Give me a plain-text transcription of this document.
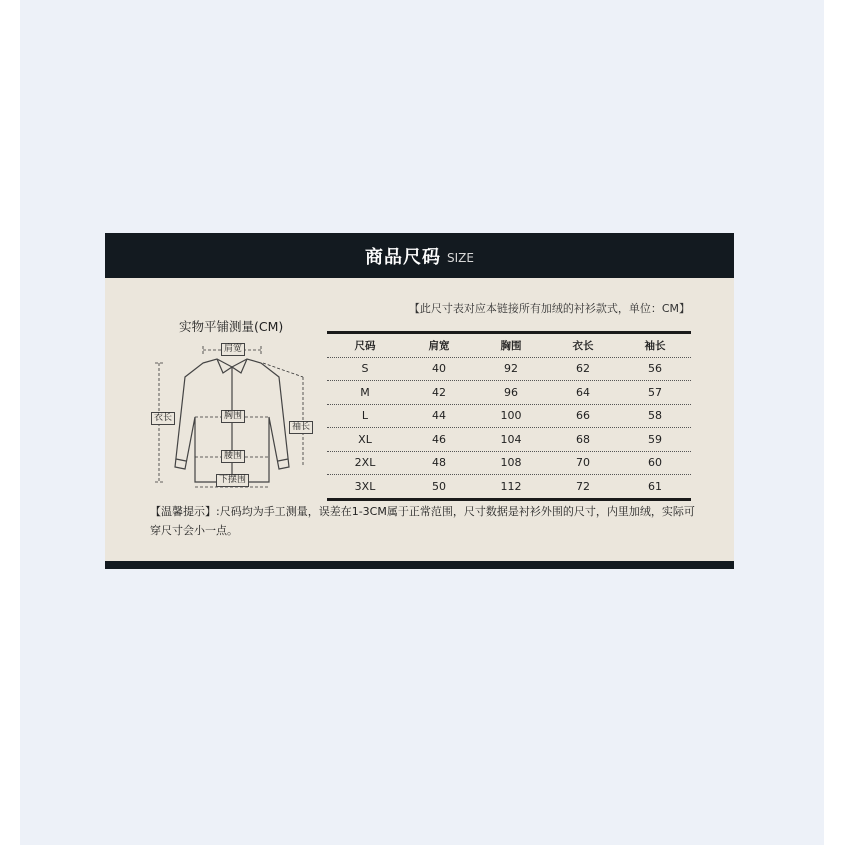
商品尺码 SIZE
【此尺寸表对应本链接所有加绒的衬衫款式，单位：CM】
实物平铺测量(CM)
肩宽
胸围
衣长
袖长
腰围
下摆围
尺码	肩宽	胸围	衣长	袖长
S	40	92	62	56
M	42	96	64	57
L	44	100	66	58
XL	46	104	68	59
2XL	48	108	70	60
3XL	50	112	72	61
【温馨提示】:尺码均为手工测量，误差在1-3CM属于正常范围，尺寸数据是衬衫外围的尺寸，内里加绒，实际可穿尺寸会小一点。
